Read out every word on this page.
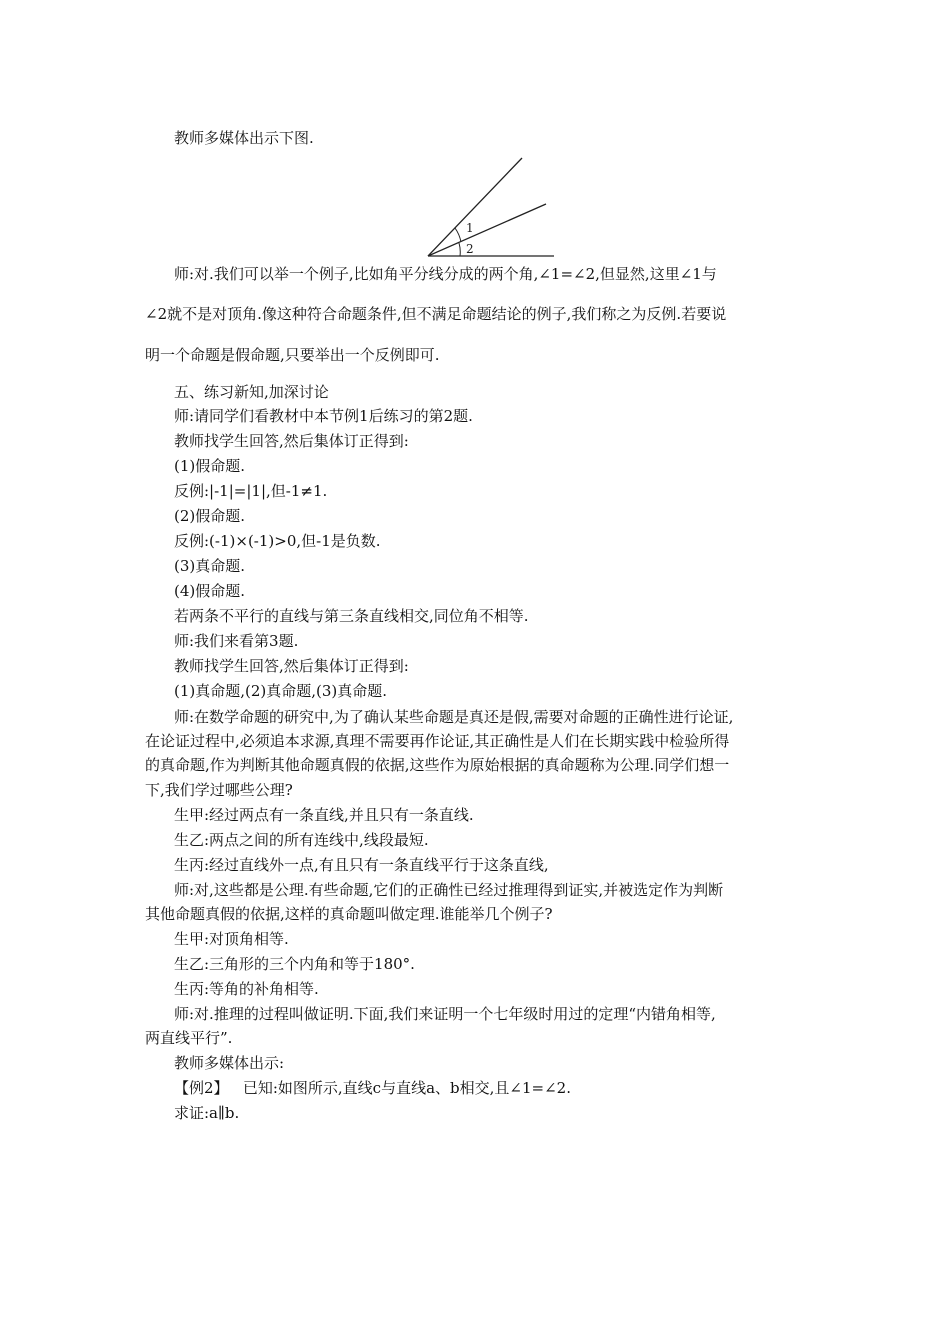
教师多媒体出示下图.
1
2
师:对.我们可以举一个例子,比如角平分线分成的两个角,∠1=∠2,但显然,这里∠1与
∠2就不是对顶角.像这种符合命题条件,但不满足命题结论的例子,我们称之为反例.若要说
明一个命题是假命题,只要举出一个反例即可.
五、练习新知,加深讨论
师:请同学们看教材中本节例1后练习的第2题.
教师找学生回答,然后集体订正得到:
(1)假命题.
反例:|-1|=|1|,但-1≠1.
(2)假命题.
反例:(-1)×(-1)>0,但-1是负数.
(3)真命题.
(4)假命题.
若两条不平行的直线与第三条直线相交,同位角不相等.
师:我们来看第3题.
教师找学生回答,然后集体订正得到:
(1)真命题,(2)真命题,(3)真命题.
师:在数学命题的研究中,为了确认某些命题是真还是假,需要对命题的正确性进行论证,
在论证过程中,必须追本求源,真理不需要再作论证,其正确性是人们在长期实践中检验所得
的真命题,作为判断其他命题真假的依据,这些作为原始根据的真命题称为公理.同学们想一
下,我们学过哪些公理?
生甲:经过两点有一条直线,并且只有一条直线.
生乙:两点之间的所有连线中,线段最短.
生丙:经过直线外一点,有且只有一条直线平行于这条直线,
师:对,这些都是公理.有些命题,它们的正确性已经过推理得到证实,并被选定作为判断
其他命题真假的依据,这样的真命题叫做定理.谁能举几个例子?
生甲:对顶角相等.
生乙:三角形的三个内角和等于180°.
生丙:等角的补角相等.
师:对.推理的过程叫做证明.下面,我们来证明一个七年级时用过的定理“内错角相等,
两直线平行”.
教师多媒体出示:
【例2】 已知:如图所示,直线c与直线a、b相交,且∠1=∠2.
求证:a∥b.
